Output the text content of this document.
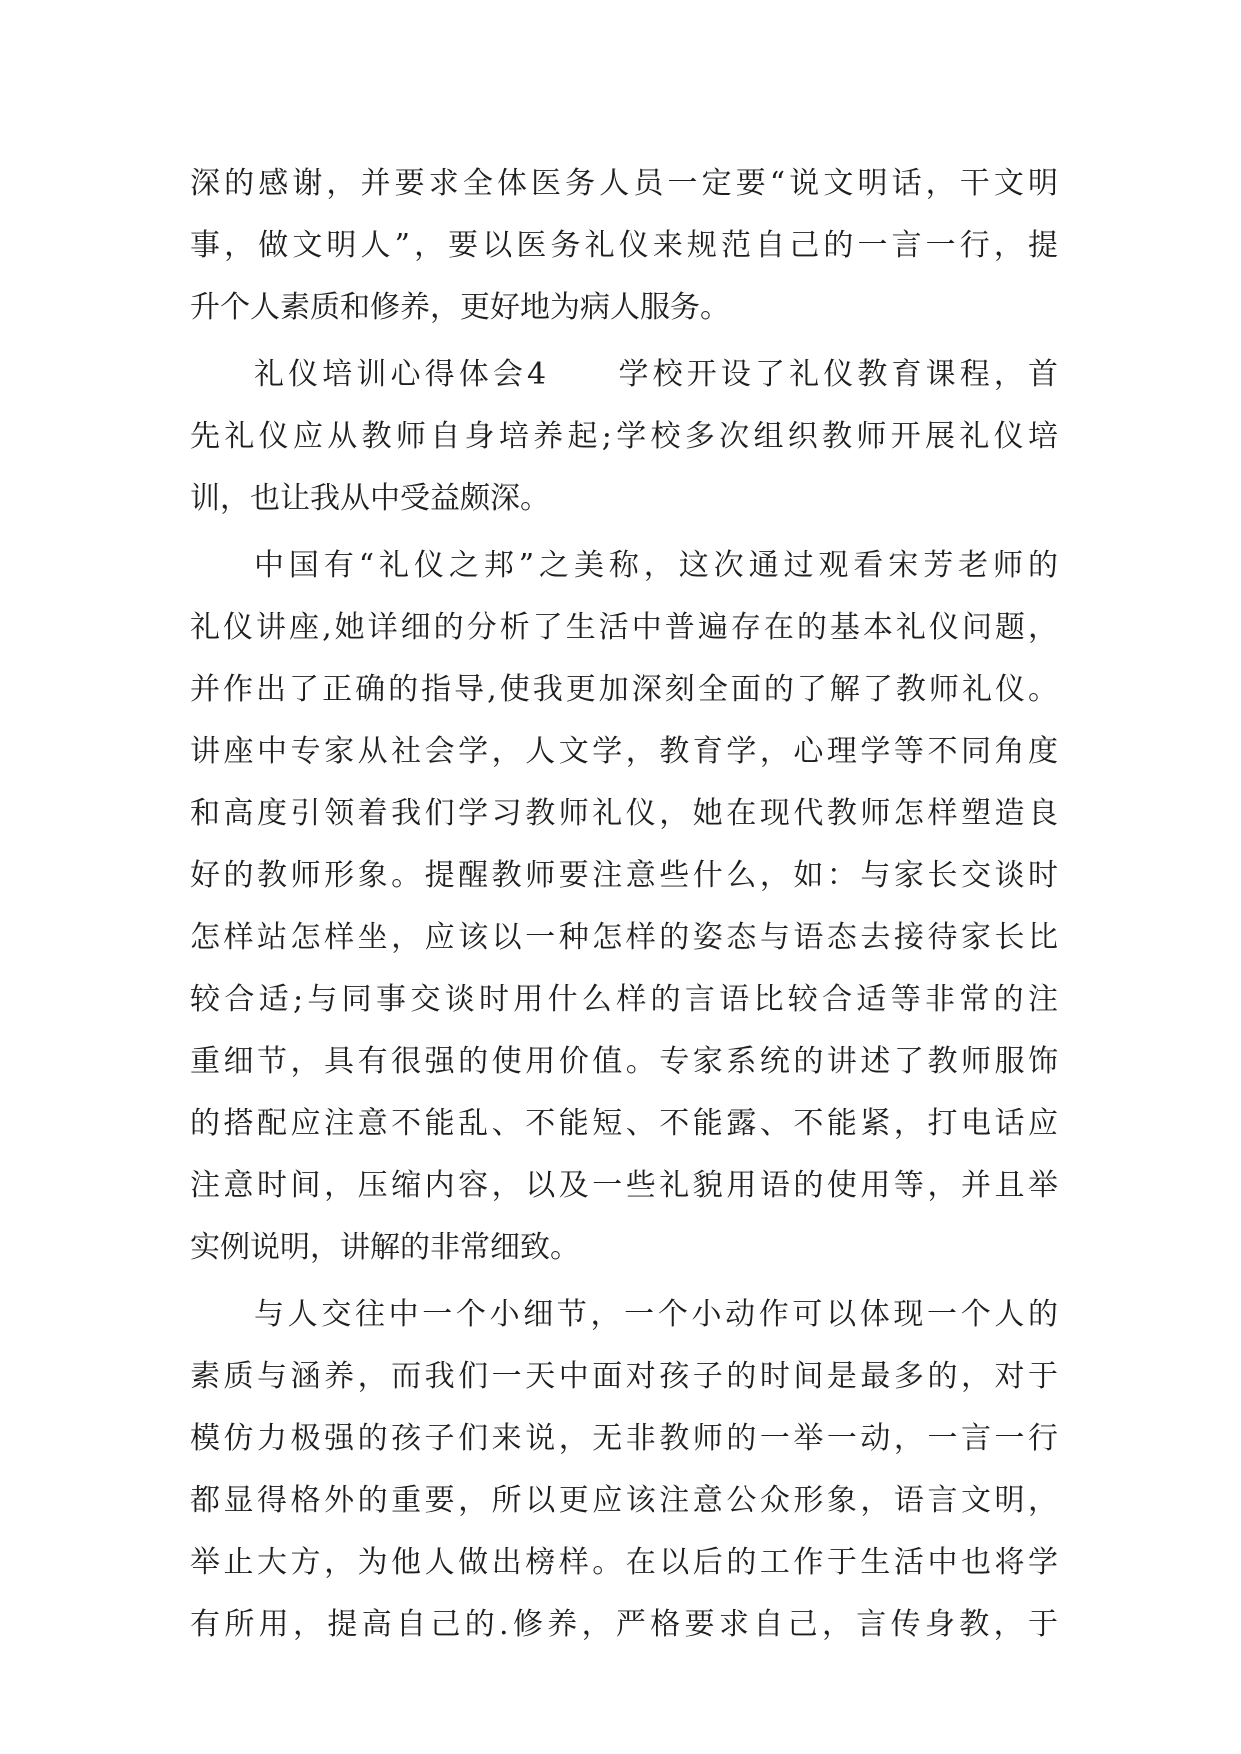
深的感谢，并要求全体医务人员一定要“说文明话，干文明
事，做文明人”，要以医务礼仪来规范自己的一言一行，提
升个人素质和修养，更好地为病人服务。
礼仪培训心得体会4　　学校开设了礼仪教育课程，首
先礼仪应从教师自身培养起;学校多次组织教师开展礼仪培
训，也让我从中受益颇深。
中国有“礼仪之邦”之美称，这次通过观看宋芳老师的
礼仪讲座,她详细的分析了生活中普遍存在的基本礼仪问题，
并作出了正确的指导,使我更加深刻全面的了解了教师礼仪。
讲座中专家从社会学，人文学，教育学，心理学等不同角度
和高度引领着我们学习教师礼仪，她在现代教师怎样塑造良
好的教师形象。提醒教师要注意些什么，如：与家长交谈时
怎样站怎样坐，应该以一种怎样的姿态与语态去接待家长比
较合适;与同事交谈时用什么样的言语比较合适等非常的注
重细节，具有很强的使用价值。专家系统的讲述了教师服饰
的搭配应注意不能乱、不能短、不能露、不能紧，打电话应
注意时间，压缩内容，以及一些礼貌用语的使用等，并且举
实例说明，讲解的非常细致。
与人交往中一个小细节，一个小动作可以体现一个人的
素质与涵养，而我们一天中面对孩子的时间是最多的，对于
模仿力极强的孩子们来说，无非教师的一举一动，一言一行
都显得格外的重要，所以更应该注意公众形象，语言文明，
举止大方，为他人做出榜样。在以后的工作于生活中也将学
有所用，提高自己的.修养，严格要求自己，言传身教，于
